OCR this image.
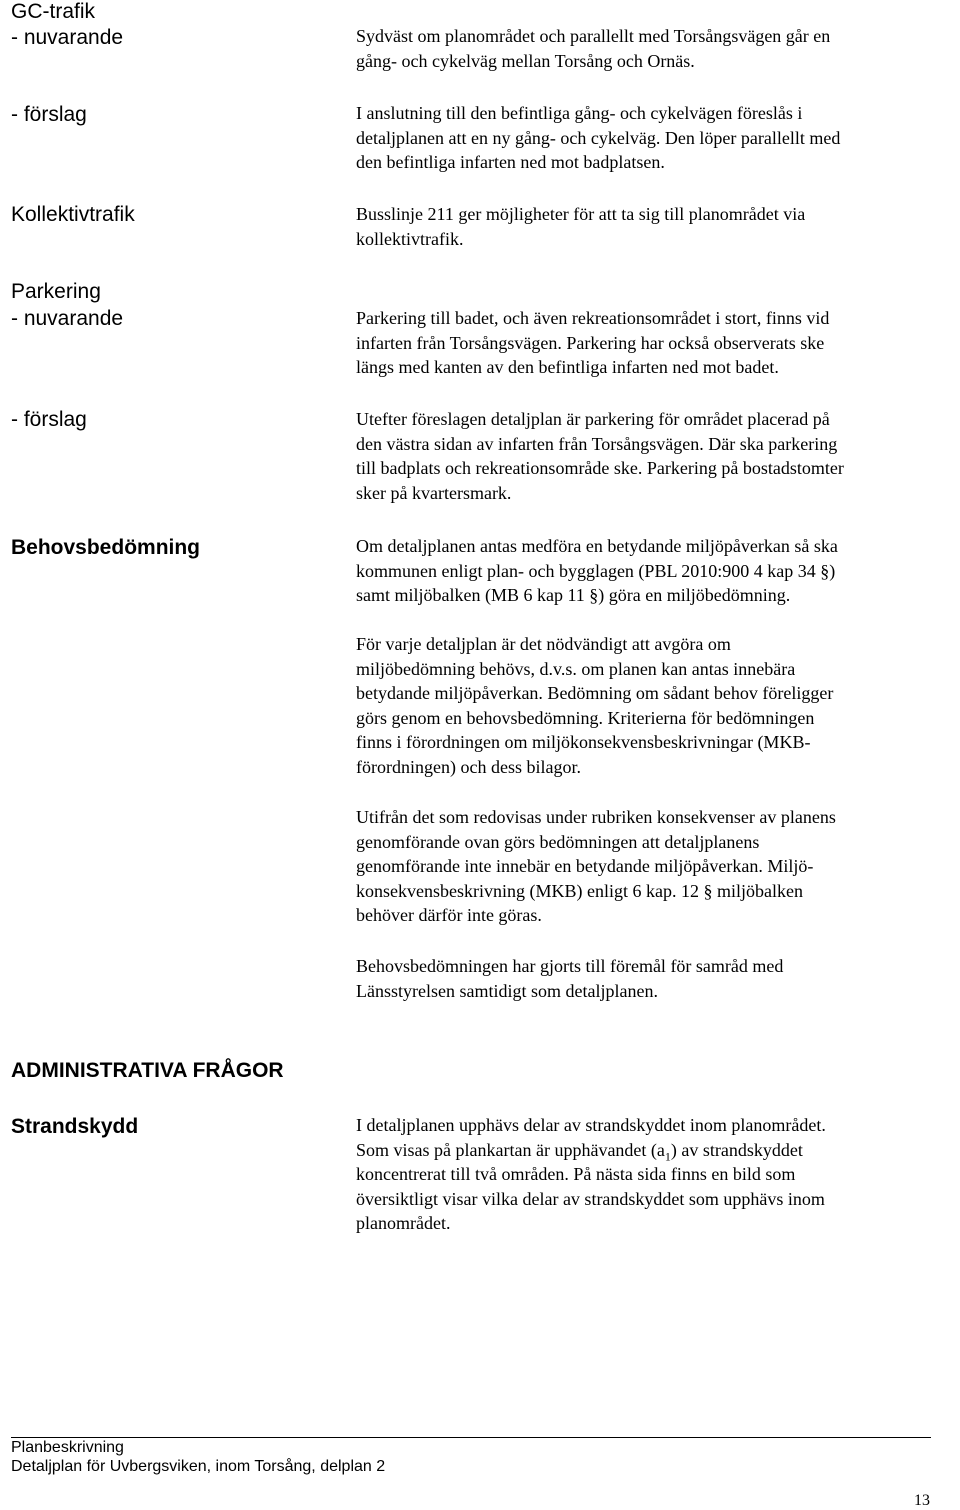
GC-trafik

- nuvarande

- förslag

Kollektivtrafik

Parkering

- nuvarande

- förslag

Behovsbedömning

ADMINISTRATIVA FRÅGOR

Strandskydd

Sydväst om planområdet och parallellt med Torsångsvägen går en
gång- och cykelväg mellan Torsång och Ornäs.
I anslutning till den befintliga gång- och cykelvägen föreslås i
detaljplanen att en ny gång- och cykelväg. Den löper parallellt med
den befintliga infarten ned mot badplatsen.
Busslinje 211 ger möjligheter för att ta sig till planområdet via
kollektivtrafik.
Parkering till badet, och även rekreationsområdet i stort, finns vid
infarten från Torsångsvägen. Parkering har också observerats ske
längs med kanten av den befintliga infarten ned mot badet.
Utefter föreslagen detaljplan är parkering för området placerad på
den västra sidan av infarten från Torsångsvägen. Där ska parkering
till badplats och rekreationsområde ske. Parkering på bostadstomter
sker på kvartersmark.
Om detaljplanen antas medföra en betydande miljöpåverkan så ska
kommunen enligt plan- och bygglagen (PBL 2010:900 4 kap 34 §)
samt miljöbalken (MB 6 kap 11 §) göra en miljöbedömning.
För varje detaljplan är det nödvändigt att avgöra om
miljöbedömning behövs, d.v.s. om planen kan antas innebära
betydande miljöpåverkan. Bedömning om sådant behov föreligger
görs genom en behovsbedömning. Kriterierna för bedömningen
finns i förordningen om miljökonsekvensbeskrivningar (MKB-
förordningen) och dess bilagor.
Utifrån det som redovisas under rubriken konsekvenser av planens
genomförande ovan görs bedömningen att detaljplanens
genomförande inte innebär en betydande miljöpåverkan. Miljö-
konsekvensbeskrivning (MKB) enligt 6 kap. 12 § miljöbalken
behöver därför inte göras.
Behovsbedömningen har gjorts till föremål för samråd med
Länsstyrelsen samtidigt som detaljplanen.
I detaljplanen upphävs delar av strandskyddet inom planområdet.
Som visas på plankartan är upphävandet $(a_1)$ av strandskyddet
koncentrerat till två områden. På nästa sida finns en bild som
översiktligt visar vilka delar av strandskyddet som upphävs inom
planområdet.

Planbeskrivning

Detaljplan för Uvbergsviken, inom Torsång, delplan 2

13
